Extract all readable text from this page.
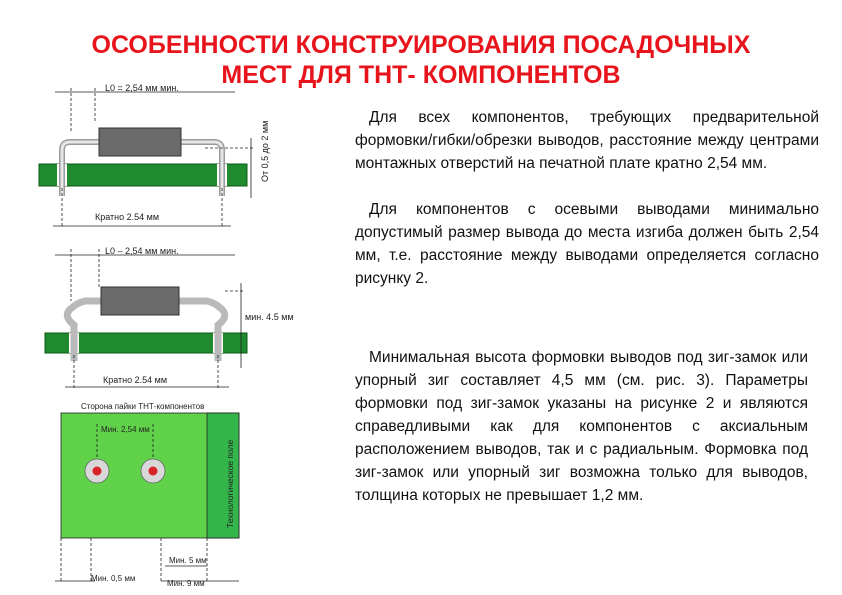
ОСОБЕННОСТИ КОНСТРУИРОВАНИЯ ПОСАДОЧНЫХ
МЕСТ ДЛЯ ТНТ- КОМПОНЕНТОВ
L0 = 2,54 мм мин.
От 0,5 до 2 мм
Кратно 2.54 мм
L0 – 2,54 мм мин.
мин. 4.5 мм
Кратно 2.54 мм
Сторона пайки ТНТ-компонентов
Технологическое поле
Мин. 2,54 мм
Мин. 5 мм
Мин. 0,5 мм
Мин. 9 мм

Для всех компонентов, требующих предварительной формовки/гибки/обрезки выводов, расстояние между центрами монтажных отверстий на печатной плате кратно 2,54 мм.

Для компонентов с осевыми выводами минимально допустимый размер вывода до места изгиба должен быть 2,54 мм, т.е. расстояние между выводами определяется согласно рисунку 2.

Минимальная высота формовки выводов под зиг-замок или упорный зиг составляет 4,5 мм (см. рис. 3). Параметры формовки под зиг-замок указаны на рисунке 2 и являются справедливыми как для компонентов с аксиальным расположением выводов, так и с радиальным. Формовка под зиг-замок или упорный зиг возможна только для выводов, толщина которых не превышает 1,2 мм.
